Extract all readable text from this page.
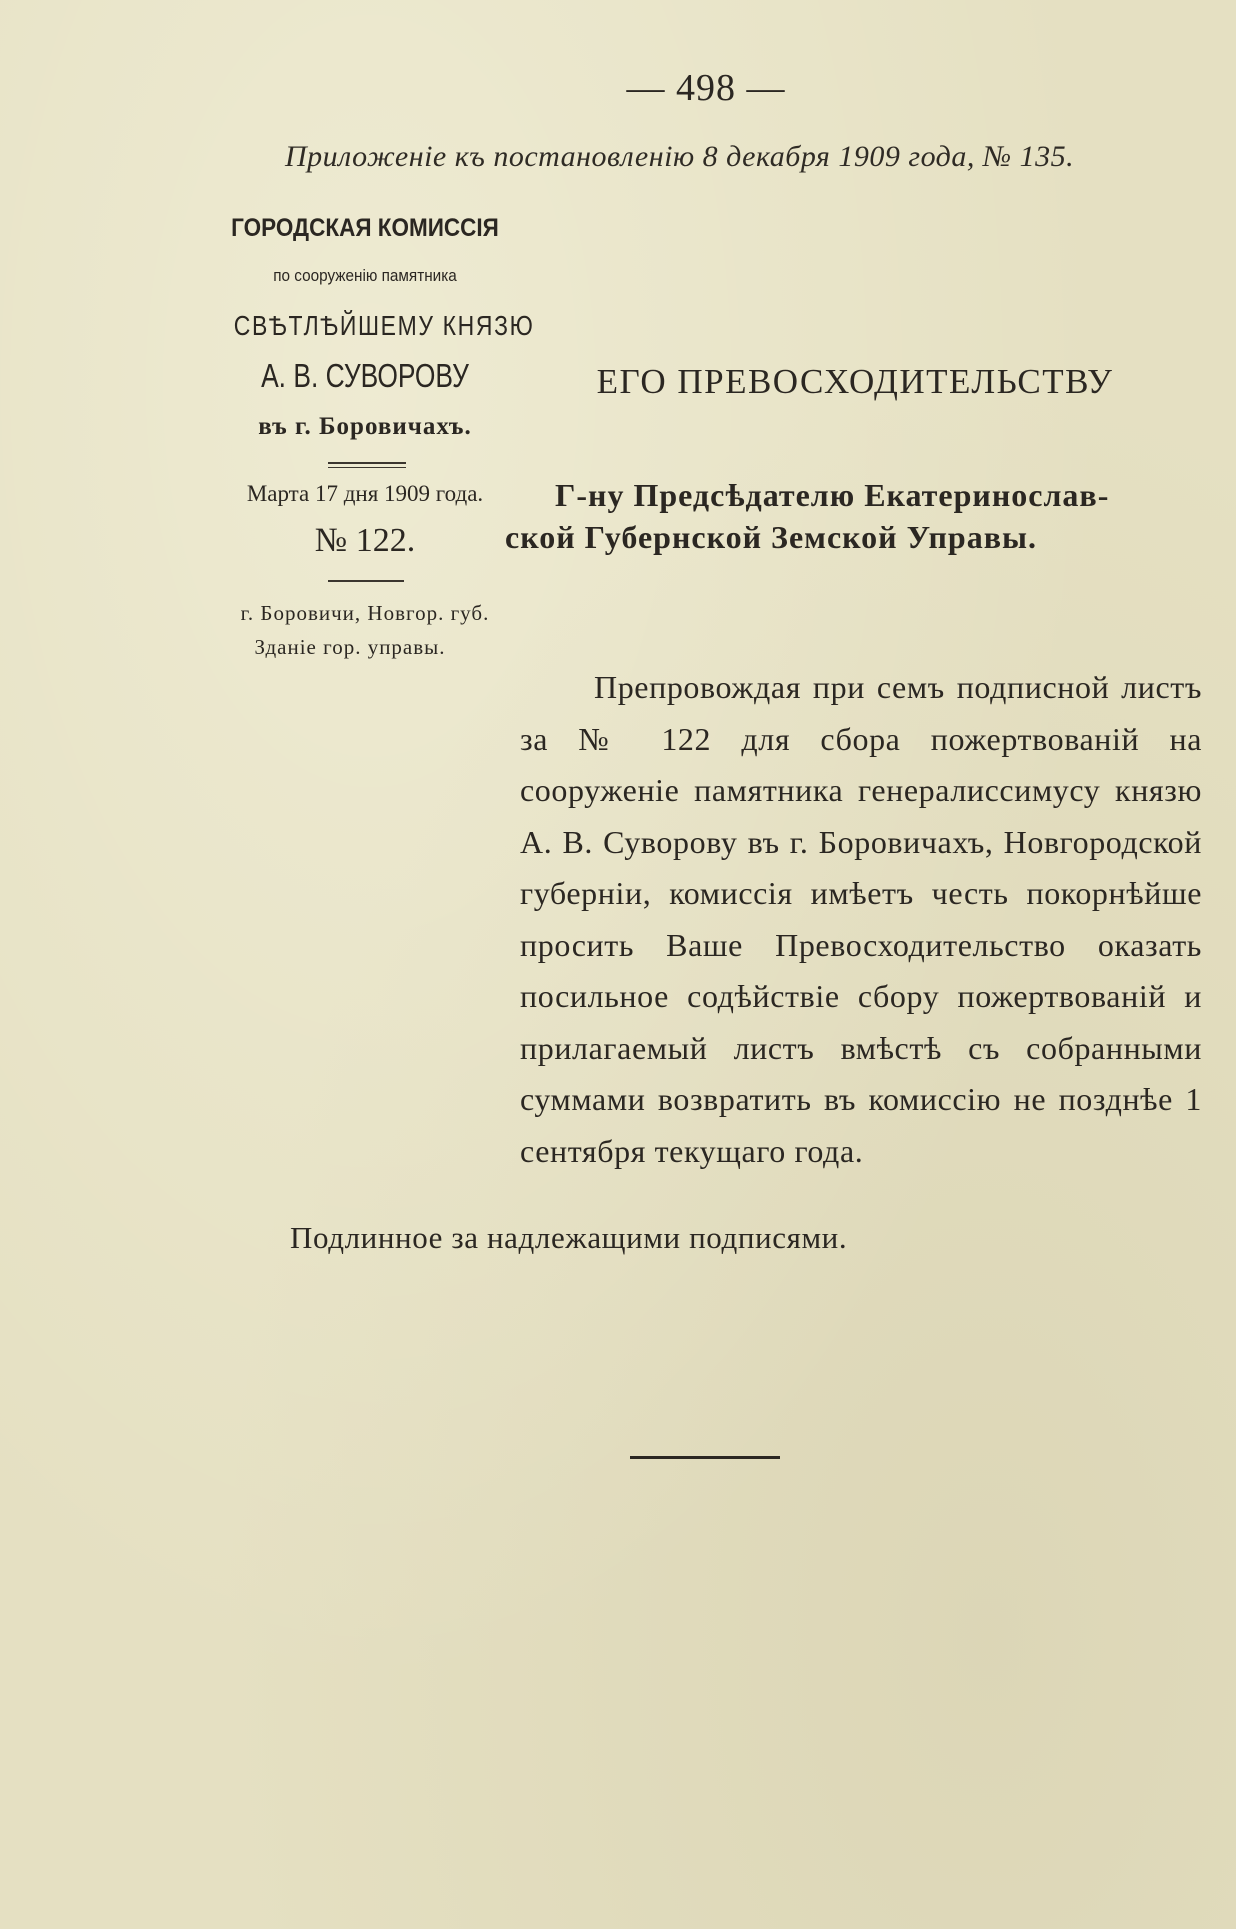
— 498 —
Приложенiе къ постановленiю 8 декабря 1909 года, № 135.
ГОРОДСКАЯ КОМИССIЯ
по сооруженiю памятника
СВѢТЛѢЙШЕМУ КНЯЗЮ
А. В. СУВОРОВУ
въ г. Боровичахъ.
Марта 17 дня 1909 года.
№ 122.
г. Боровичи, Новгор. губ.
Зданiе гор. управы.
ЕГО ПРЕВОСХОДИТЕЛЬСТВУ
Г-ну Предсѣдателю Екатеринослав-
ской Губернской Земской Управы.
Препровождая при семъ подписной листъ за № 122 для сбора пожертвованiй на сооруженiе памятника генералиссимусу князю А. В. Суворову въ г. Боровичахъ, Новгородской губернiи, комиссiя имѣетъ честь покорнѣйше просить Ваше Превосходительство оказать посильное содѣйствiе сбору пожертвованiй и прилагаемый листъ вмѣстѣ съ собранными суммами возвратить въ комиссiю не позднѣе 1 сентября текущаго года.
Подлинное за надлежащими подписями.
